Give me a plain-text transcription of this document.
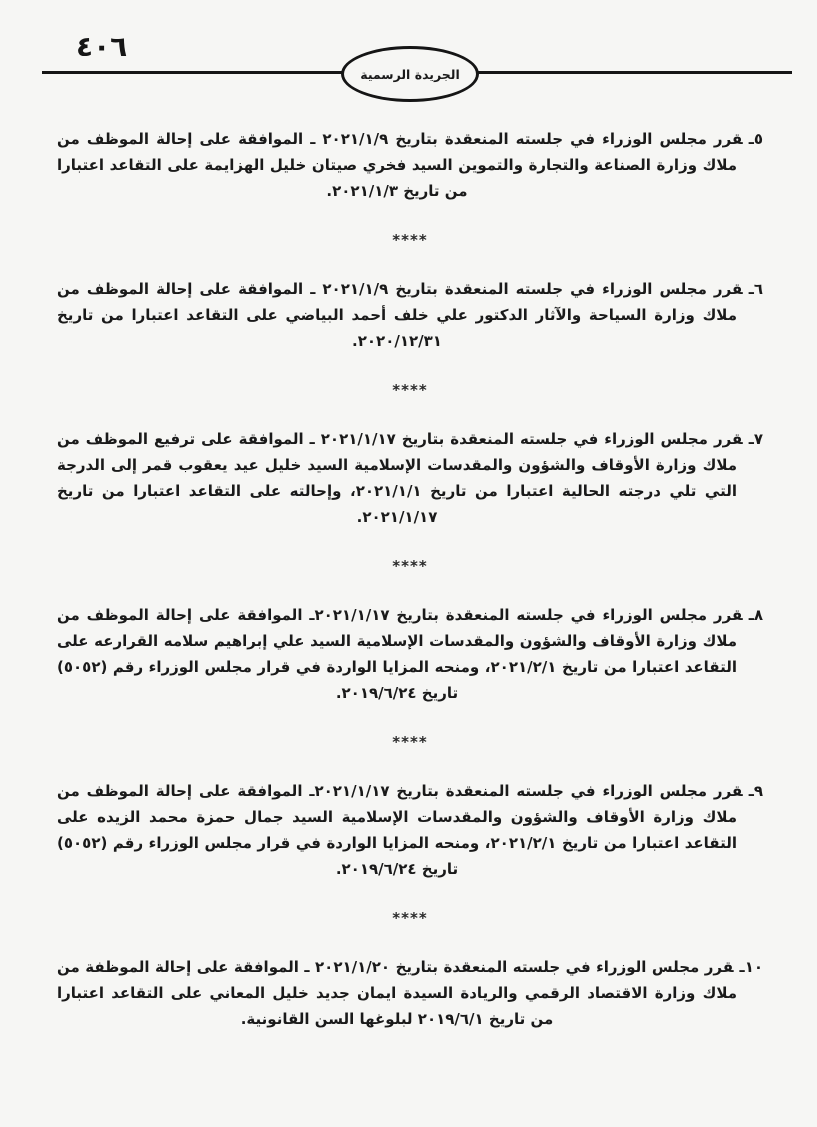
٤٠٦
الجريدة الرسمية

٥ـقرر مجلس الوزراء في جلسته المنعقدة بتاريخ ٢٠٢١/١/٩ ـ الموافقة على إحالة الموظف من ملاك وزارة الصناعة والتجارة والتموين السيد فخري صيتان خليل الهزايمة على التقاعد اعتبارا من تاريخ ٢٠٢١/١/٣.

****

٦ـقرر مجلس الوزراء في جلسته المنعقدة بتاريخ ٢٠٢١/١/٩ ـ الموافقة على إحالة الموظف من ملاك وزارة السياحة والآثار الدكتور علي خلف أحمد البياضي على التقاعد اعتبارا من تاريخ ٢٠٢٠/١٢/٣١.

****

٧ـقرر مجلس الوزراء في جلسته المنعقدة بتاريخ ٢٠٢١/١/١٧ ـ الموافقة على ترفيع الموظف من ملاك وزارة الأوقاف والشؤون والمقدسات الإسلامية السيد خليل عيد يعقوب قمر إلى الدرجة التي تلي درجته الحالية اعتبارا من تاريخ ٢٠٢١/١/١، وإحالته على التقاعد اعتبارا من تاريخ ٢٠٢١/١/١٧.

****

٨ـقرر مجلس الوزراء في جلسته المنعقدة بتاريخ ٢٠٢١/١/١٧ـ الموافقة على إحالة الموظف من ملاك وزارة الأوقاف والشؤون والمقدسات الإسلامية السيد علي إبراهيم سلامه القرارعه على التقاعد اعتبارا من تاريخ ٢٠٢١/٢/١، ومنحه المزايا الواردة في قرار مجلس الوزراء رقم (٥٠٥٢) تاريخ ٢٠١٩/٦/٢٤.

****

٩ـقرر مجلس الوزراء في جلسته المنعقدة بتاريخ ٢٠٢١/١/١٧ـ الموافقة على إحالة الموظف من ملاك وزارة الأوقاف والشؤون والمقدسات الإسلامية السيد جمال حمزة محمد الزيده على التقاعد اعتبارا من تاريخ ٢٠٢١/٢/١، ومنحه المزايا الواردة في قرار مجلس الوزراء رقم (٥٠٥٢) تاريخ ٢٠١٩/٦/٢٤.

****

١٠ـقرر مجلس الوزراء في جلسته المنعقدة بتاريخ ٢٠٢١/١/٢٠ ـ الموافقة على إحالة الموظفة من ملاك وزارة الاقتصاد الرقمي والريادة السيدة ايمان جديد خليل المعاني على التقاعد اعتبارا من تاريخ ٢٠١٩/٦/١ لبلوغها السن القانونية.
